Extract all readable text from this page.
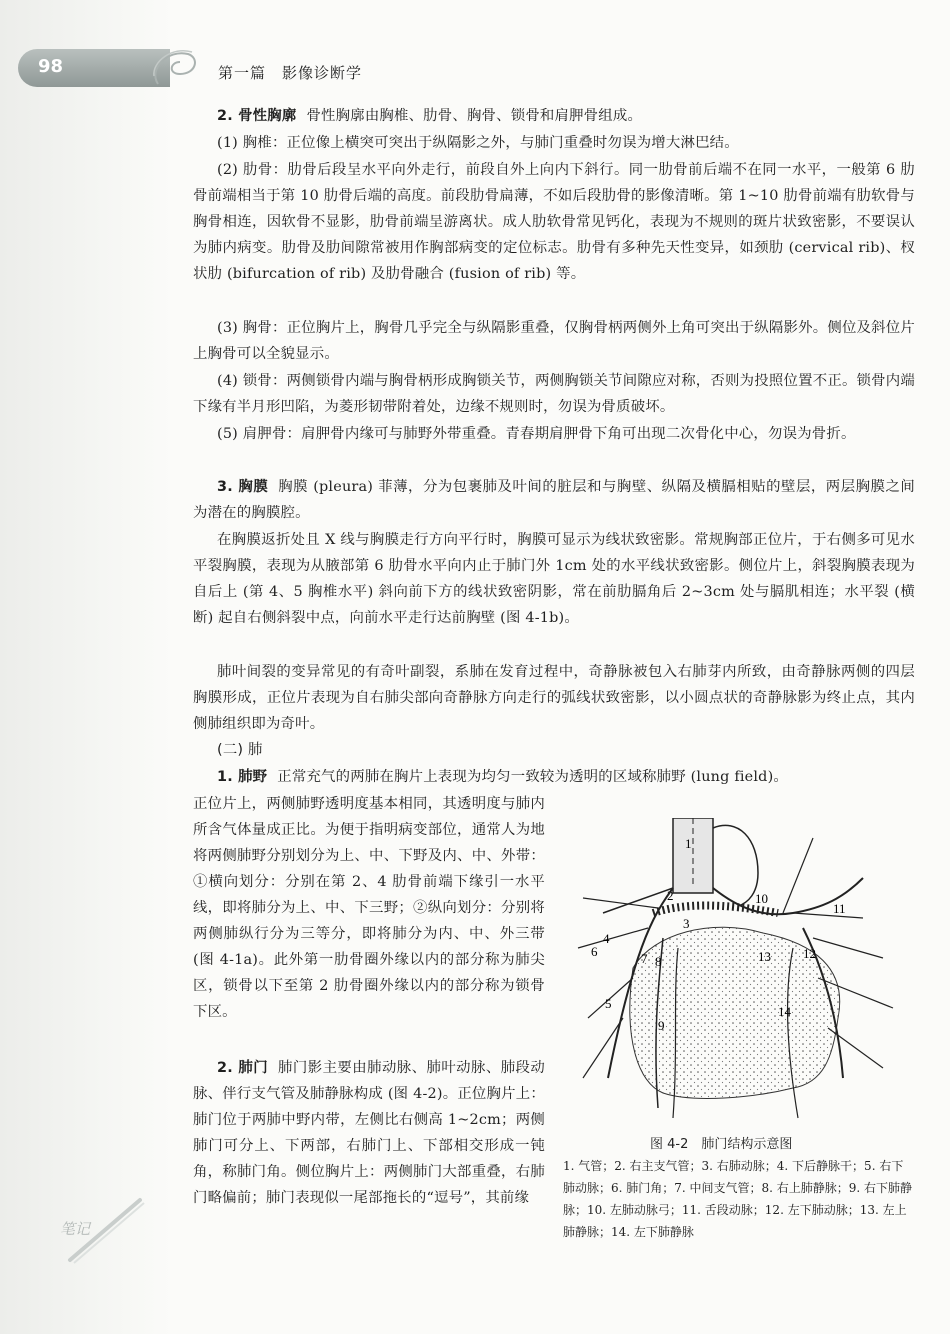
98	第一篇　影像诊断学

2. 骨性胸廓 骨性胸廓由胸椎、肋骨、胸骨、锁骨和肩胛骨组成。

(1) 胸椎：正位像上横突可突出于纵隔影之外，与肺门重叠时勿误为增大淋巴结。

(2) 肋骨：肋骨后段呈水平向外走行，前段自外上向内下斜行。同一肋骨前后端不在同一水平，一般第 6 肋骨前端相当于第 10 肋骨后端的高度。前段肋骨扁薄，不如后段肋骨的影像清晰。第 1~10 肋骨前端有肋软骨与胸骨相连，因软骨不显影，肋骨前端呈游离状。成人肋软骨常见钙化，表现为不规则的斑片状致密影，不要误认为肺内病变。肋骨及肋间隙常被用作胸部病变的定位标志。肋骨有多种先天性变异，如颈肋 (cervical rib)、杈状肋 (bifurcation of rib) 及肋骨融合 (fusion of rib) 等。

(3) 胸骨：正位胸片上，胸骨几乎完全与纵隔影重叠，仅胸骨柄两侧外上角可突出于纵隔影外。侧位及斜位片上胸骨可以全貌显示。

(4) 锁骨：两侧锁骨内端与胸骨柄形成胸锁关节，两侧胸锁关节间隙应对称，否则为投照位置不正。锁骨内端下缘有半月形凹陷，为菱形韧带附着处，边缘不规则时，勿误为骨质破坏。

(5) 肩胛骨：肩胛骨内缘可与肺野外带重叠。青春期肩胛骨下角可出现二次骨化中心，勿误为骨折。

3. 胸膜 胸膜 (pleura) 菲薄，分为包裹肺及叶间的脏层和与胸壁、纵隔及横膈相贴的壁层，两层胸膜之间为潜在的胸膜腔。

在胸膜返折处且 X 线与胸膜走行方向平行时，胸膜可显示为线状致密影。常规胸部正位片，于右侧多可见水平裂胸膜，表现为从腋部第 6 肋骨水平向内止于肺门外 1cm 处的水平线状致密影。侧位片上，斜裂胸膜表现为自后上 (第 4、5 胸椎水平) 斜向前下方的线状致密阴影，常在前肋膈角后 2~3cm 处与膈肌相连；水平裂 (横断) 起自右侧斜裂中点，向前水平走行达前胸壁 (图 4-1b)。

肺叶间裂的变异常见的有奇叶副裂，系肺在发育过程中，奇静脉被包入右肺芽内所致，由奇静脉两侧的四层胸膜形成，正位片表现为自右肺尖部向奇静脉方向走行的弧线状致密影，以小圆点状的奇静脉影为终止点，其内侧肺组织即为奇叶。

(二) 肺

1. 肺野 正常充气的两肺在胸片上表现为均匀一致较为透明的区域称肺野 (lung field)。

正位片上，两侧肺野透明度基本相同，其透明度与肺内所含气体量成正比。为便于指明病变部位，通常人为地将两侧肺野分别划分为上、中、下野及内、中、外带：①横向划分：分别在第 2、4 肋骨前端下缘引一水平线，即将肺分为上、中、下三野；②纵向划分：分别将两侧肺纵行分为三等分，即将肺分为内、中、外三带 (图 4-1a)。此外第一肋骨圈外缘以内的部分称为肺尖区，锁骨以下至第 2 肋骨圈外缘以内的部分称为锁骨下区。

2. 肺门 肺门影主要由肺动脉、肺叶动脉、肺段动脉、伴行支气管及肺静脉构成 (图 4-2)。正位胸片上：肺门位于两肺中野内带，左侧比右侧高 1~2cm；两侧肺门可分上、下两部，右肺门上、下部相交形成一钝角，称肺门角。侧位胸片上：两侧肺门大部重叠，右肺门略偏前；肺门表现似一尾部拖长的“逗号”，其前缘

1
2
3
4
5
6	7 8
9
10
11
12
13
14
图 4-2　肺门结构示意图

1. 气管；2. 右主支气管；3. 右肺动脉；4. 下后静脉干；5. 右下肺动脉；6. 肺门角；7. 中间支气管；8. 右上肺静脉；9. 右下肺静脉；10. 左肺动脉弓；11. 舌段动脉；12. 左下肺动脉；13. 左上肺静脉；14. 左下肺静脉

笔记
